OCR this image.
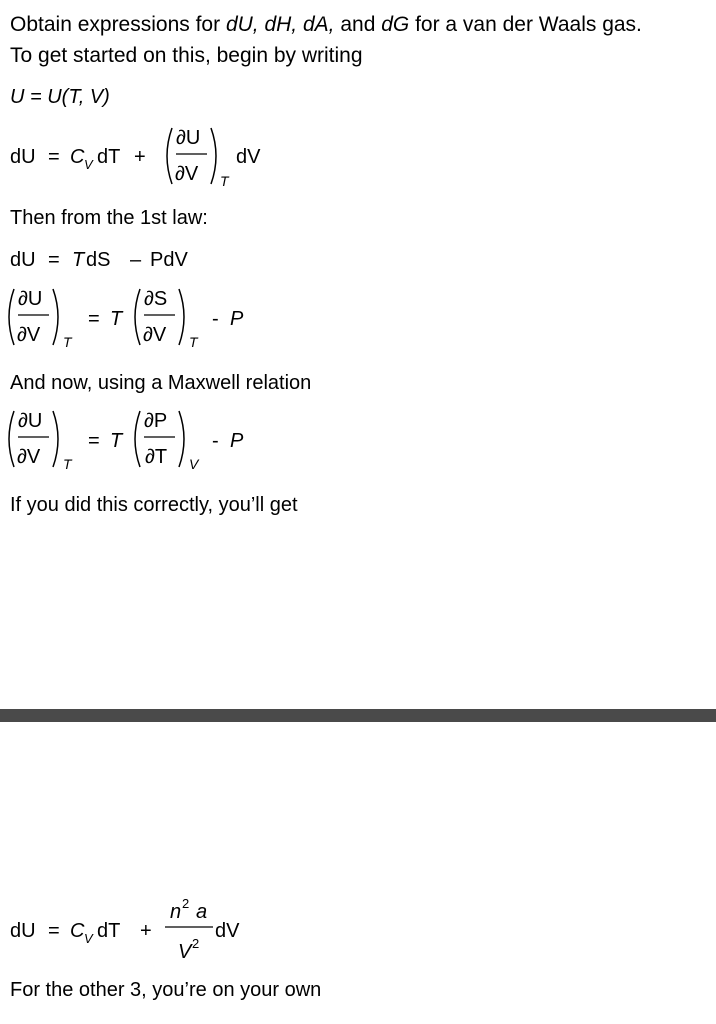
Obtain expressions for dU, dH, dA, and dG for a van der Waals gas.
To get started on this, begin by writing
U = U(T, V)
dU = C V dT +
∂U
∂V T
dV
Then from the 1st law:
dU = T dS – PdV
∂U
∂V T
= T
∂S
∂V T
- P
And now, using a Maxwell relation
∂U
∂V T
= T
∂P
∂T V
- P
If you did this correctly, you’ll get
dU = C V dT +
n 2 a
V 2
dV
For the other 3, you’re on your own
